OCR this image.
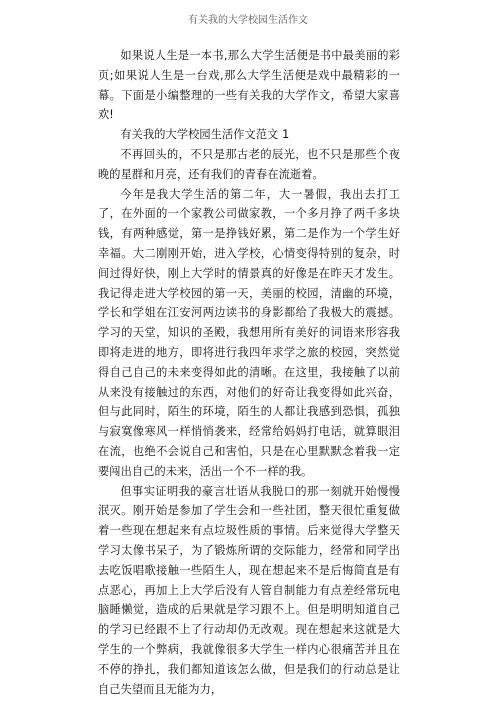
有关我的大学校园生活作文

如果说人生是一本书,那么大学生活便是书中最美丽的彩页;如果说人生是一台戏,那么大学生活便是戏中最精彩的一幕。下面是小编整理的一些有关我的大学作文，希望大家喜欢!

有关我的大学校园生活作文范文 1

不再回头的，不只是那古老的辰光，也不只是那些个夜晚的星群和月亮，还有我们的青春在流逝着。

今年是我大学生活的第二年，大一暑假，我出去打工了，在外面的一个家教公司做家教，一个多月挣了两千多块钱，有两种感觉，第一是挣钱好累，第二是作为一个学生好幸福。大二刚刚开始，进入学校，心情变得特别的复杂，时间过得好快，刚上大学时的情景真的好像是在昨天才发生。我记得走进大学校园的第一天，美丽的校园，清幽的环境，学长和学姐在江安河两边读书的身影都给了我极大的震撼。学习的天堂，知识的圣殿，我想用所有美好的词语来形容我即将走进的地方，即将进行我四年求学之旅的校园，突然觉得自己自己的未来变得如此的清晰。在这里，我接触了以前从来没有接触过的东西，对他们的好奇让我变得如此兴奋，但与此同时，陌生的环境，陌生的人都让我感到恐惧，孤独与寂寞像寒风一样悄悄袭来，经常给妈妈打电话，就算眼泪在流，也绝不会说自己和害怕，只是在心里默默念着我一定要闯出自己的未来，活出一个不一样的我。

但事实证明我的豪言壮语从我脱口的那一刻就开始慢慢泯灭。刚开始是参加了学生会和一些社团，整天很忙重复做着一些现在想起来有点垃圾性质的事情。后来觉得大学整天学习太像书呆子，为了锻炼所谓的交际能力，经常和同学出去吃饭唱歌接触一些陌生人，现在想起来不是后悔简直是有点恶心，再加上上大学后没有人管自制能力有点差经常玩电脑睡懒觉，造成的后果就是学习跟不上。但是明明知道自己的学习已经跟不上了行动却仍无改观。现在想起来这就是大学生的一个弊病，我就像很多大学生一样内心很痛苦并且在不停的挣扎，我们都知道该怎么做，但是我们的行动总是让自己失望而且无能为力，
